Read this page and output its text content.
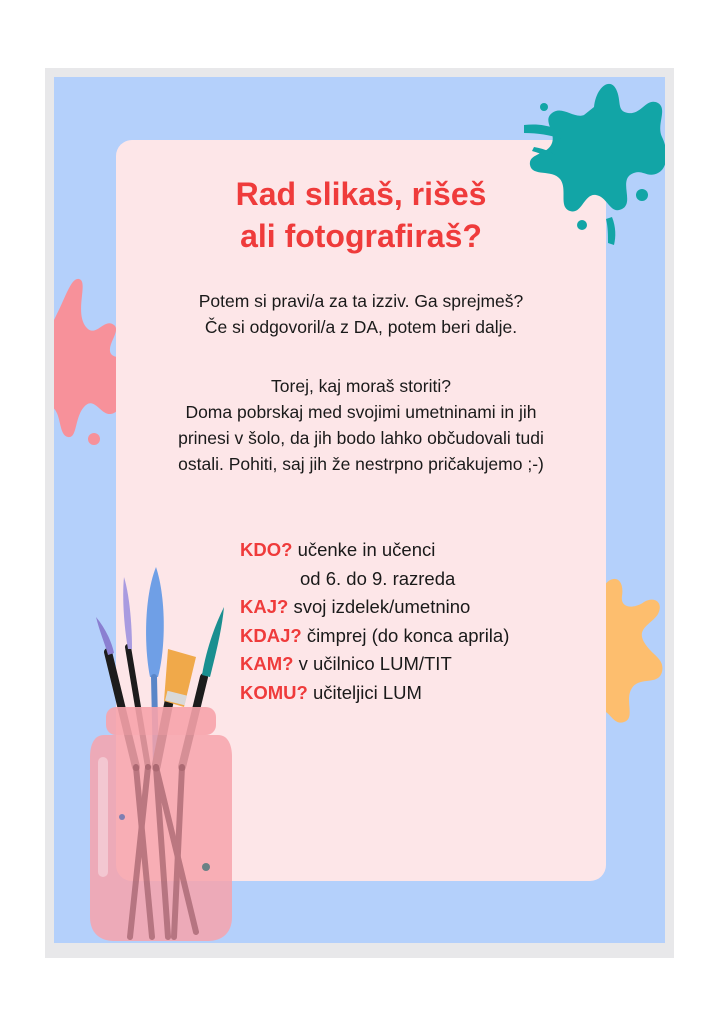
Rad slikaš, rišeš
ali fotografiraš?

Potem si pravi/a za ta izziv. Ga sprejmeš?
Če si odgovoril/a z DA, potem beri dalje.

Torej, kaj moraš storiti?
Doma pobrskaj med svojimi umetninami in jih
prinesi v šolo, da jih bodo lahko občudovali tudi
ostali. Pohiti, saj jih že nestrpno pričakujemo ;-)

KDO? učenke in učenci
od 6. do 9. razreda
KAJ? svoj izdelek/umetnino
KDAJ? čimprej (do konca aprila)
KAM? v učilnico LUM/TIT
KOMU? učiteljici LUM
